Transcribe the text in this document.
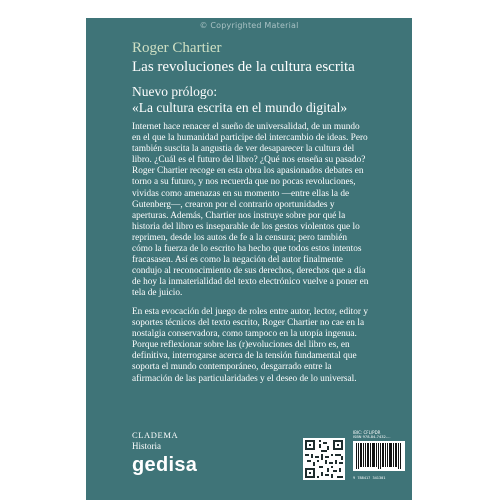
© Copyrighted Material
Roger Chartier
Las revoluciones de la cultura escrita
Nuevo prólogo:
«La cultura escrita en el mundo digital»
Internet hace renacer el sueño de universalidad, de un mundo
en el que la humanidad participe del intercambio de ideas. Pero
también suscita la angustia de ver desaparecer la cultura del
libro. ¿Cuál es el futuro del libro? ¿Qué nos enseña su pasado?
Roger Chartier recoge en esta obra los apasionados debates en
torno a su futuro, y nos recuerda que no pocas revoluciones,
vividas como amenazas en su momento —entre ellas la de
Gutenberg—, crearon por el contrario oportunidades y
aperturas. Además, Chartier nos instruye sobre por qué la
historia del libro es inseparable de los gestos violentos que lo
reprimen, desde los autos de fe a la censura; pero también
cómo la fuerza de lo escrito ha hecho que todos estos intentos
fracasasen. Así es como la negación del autor finalmente
condujo al reconocimiento de sus derechos, derechos que a día
de hoy la inmaterialidad del texto electrónico vuelve a poner en
tela de juicio.
En esta evocación del juego de roles entre autor, lector, editor y
soportes técnicos del texto escrito, Roger Chartier no cae en la
nostalgia conservadora, como tampoco en la utopía ingenua.
Porque reflexionar sobre las (r)evoluciones del libro es, en
definitiva, interrogarse acerca de la tensión fundamental que
soporta el mundo contemporáneo, desgarrado entre la
afirmación de las particularidades y el deseo de lo universal.
CLADEMA
Historia
gedisa
IBIC: CFL/PDR
ISBN 978-84-7432-...
9 788417 341301
